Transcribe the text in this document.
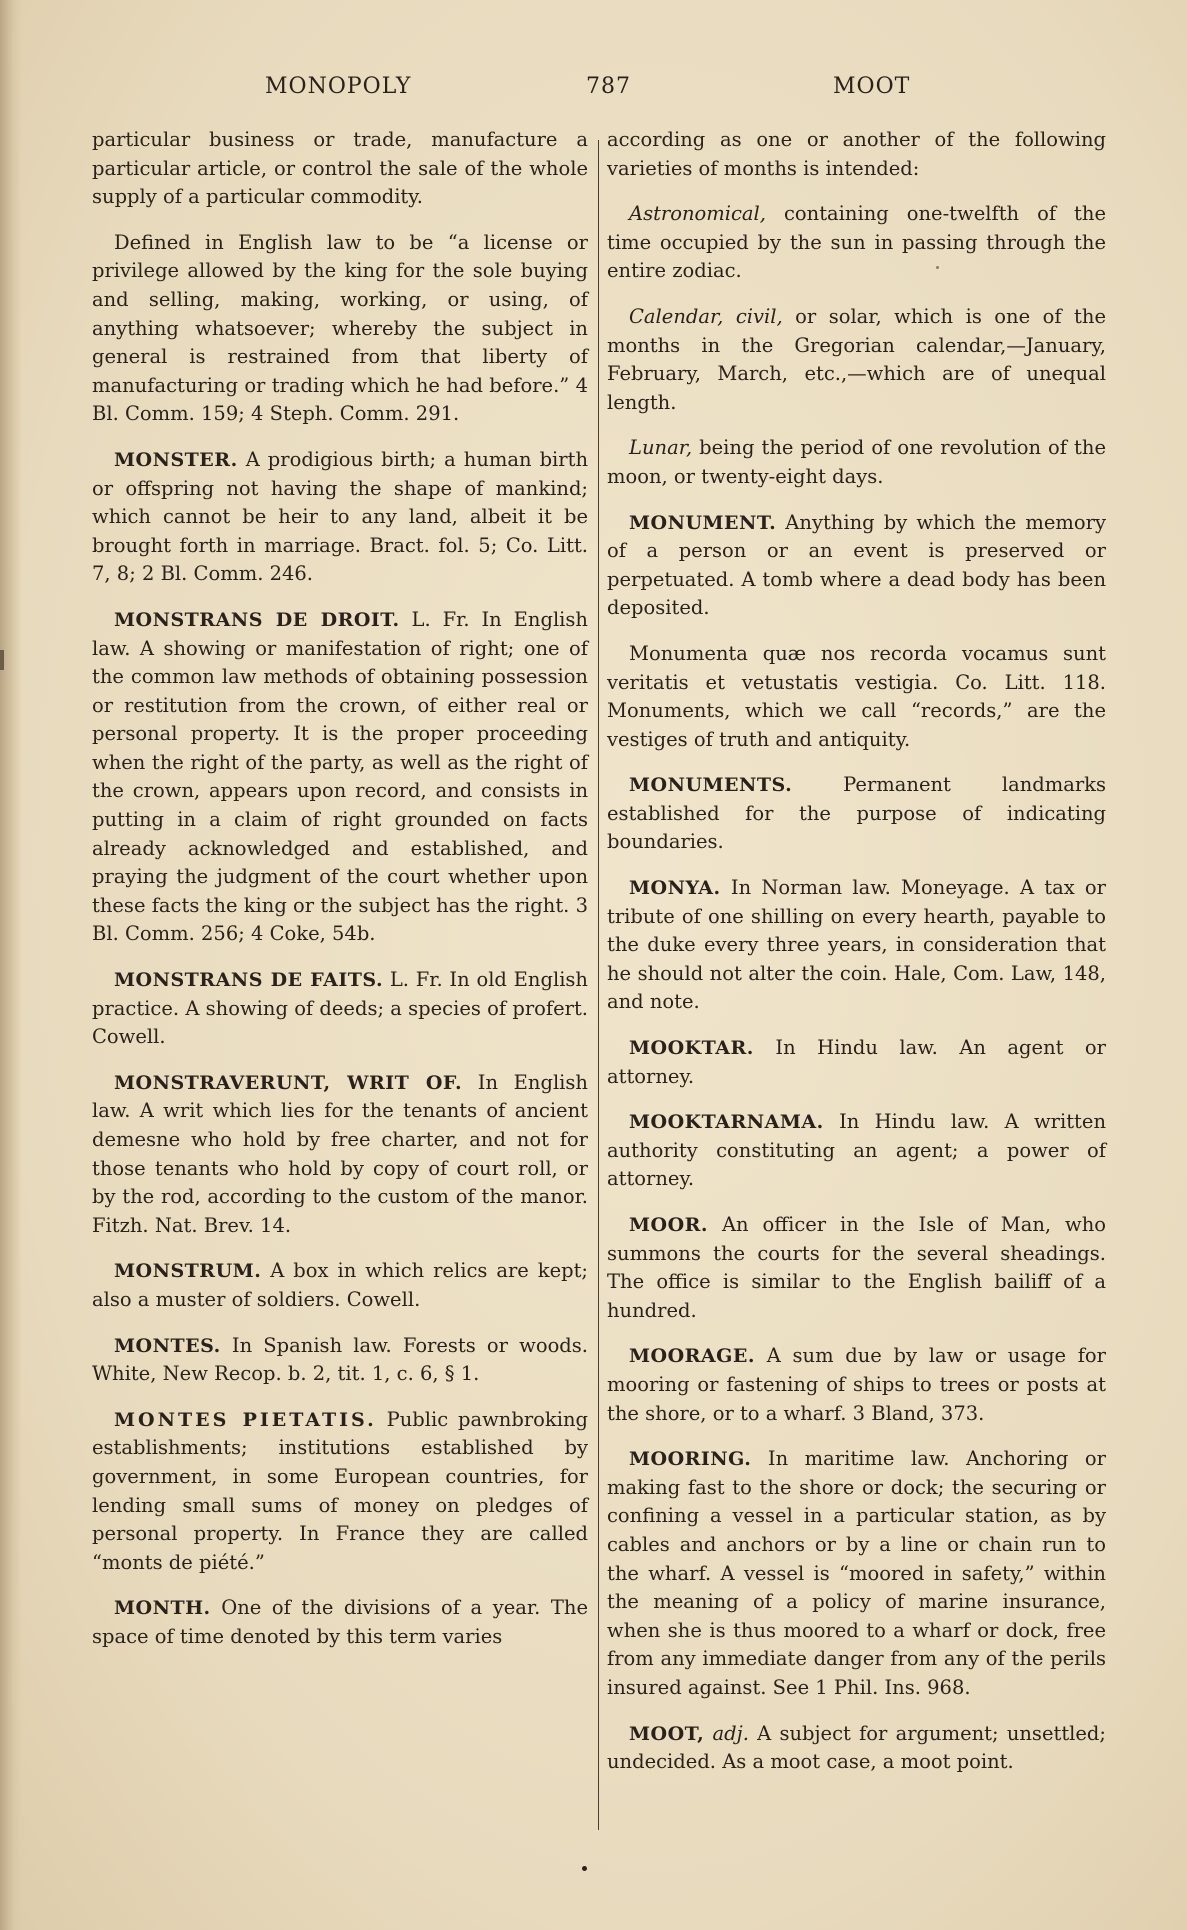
MONOPOLY	787	MOOT

particular business or trade, manufacture a particular article, or control the sale of the whole supply of a particular commodity.

Defined in English law to be “a license or privilege allowed by the king for the sole buying and selling, making, working, or using, of anything whatsoever; whereby the subject in general is restrained from that liberty of manufacturing or trading which he had before.” 4 Bl. Comm. 159; 4 Steph. Comm. 291.

MONSTER. A prodigious birth; a human birth or offspring not having the shape of mankind; which cannot be heir to any land, albeit it be brought forth in marriage. Bract. fol. 5; Co. Litt. 7, 8; 2 Bl. Comm. 246.

MONSTRANS DE DROIT. L. Fr. In English law. A showing or manifestation of right; one of the common law methods of obtaining possession or restitution from the crown, of either real or personal property. It is the proper proceeding when the right of the party, as well as the right of the crown, appears upon record, and consists in putting in a claim of right grounded on facts already acknowledged and established, and praying the judgment of the court whether upon these facts the king or the subject has the right. 3 Bl. Comm. 256; 4 Coke, 54b.

MONSTRANS DE FAITS. L. Fr. In old English practice. A showing of deeds; a species of profert. Cowell.

MONSTRAVERUNT, WRIT OF. In English law. A writ which lies for the tenants of ancient demesne who hold by free charter, and not for those tenants who hold by copy of court roll, or by the rod, according to the custom of the manor. Fitzh. Nat. Brev. 14.

MONSTRUM. A box in which relics are kept; also a muster of soldiers. Cowell.

MONTES. In Spanish law. Forests or woods. White, New Recop. b. 2, tit. 1, c. 6, § 1.

MONTES PIETATIS. Public pawnbroking establishments; institutions established by government, in some European countries, for lending small sums of money on pledges of personal property. In France they are called “monts de piété.”

MONTH. One of the divisions of a year. The space of time denoted by this term varies

according as one or another of the following varieties of months is intended:

Astronomical, containing one-twelfth of the time occupied by the sun in passing through the entire zodiac.

Calendar, civil, or solar, which is one of the months in the Gregorian calendar,—January, February, March, etc.,—which are of unequal length.

Lunar, being the period of one revolution of the moon, or twenty-eight days.

MONUMENT. Anything by which the memory of a person or an event is preserved or perpetuated. A tomb where a dead body has been deposited.

Monumenta quæ nos recorda vocamus sunt veritatis et vetustatis vestigia. Co. Litt. 118. Monuments, which we call “records,” are the vestiges of truth and antiquity.

MONUMENTS. Permanent landmarks established for the purpose of indicating boundaries.

MONYA. In Norman law. Moneyage. A tax or tribute of one shilling on every hearth, payable to the duke every three years, in consideration that he should not alter the coin. Hale, Com. Law, 148, and note.

MOOKTAR. In Hindu law. An agent or attorney.

MOOKTARNAMA. In Hindu law. A written authority constituting an agent; a power of attorney.

MOOR. An officer in the Isle of Man, who summons the courts for the several sheadings. The office is similar to the English bailiff of a hundred.

MOORAGE. A sum due by law or usage for mooring or fastening of ships to trees or posts at the shore, or to a wharf. 3 Bland, 373.

MOORING. In maritime law. Anchoring or making fast to the shore or dock; the securing or confining a vessel in a particular station, as by cables and anchors or by a line or chain run to the wharf. A vessel is “moored in safety,” within the meaning of a policy of marine insurance, when she is thus moored to a wharf or dock, free from any immediate danger from any of the perils insured against. See 1 Phil. Ins. 968.

MOOT, adj. A subject for argument; unsettled; undecided. As a moot case, a moot point.
